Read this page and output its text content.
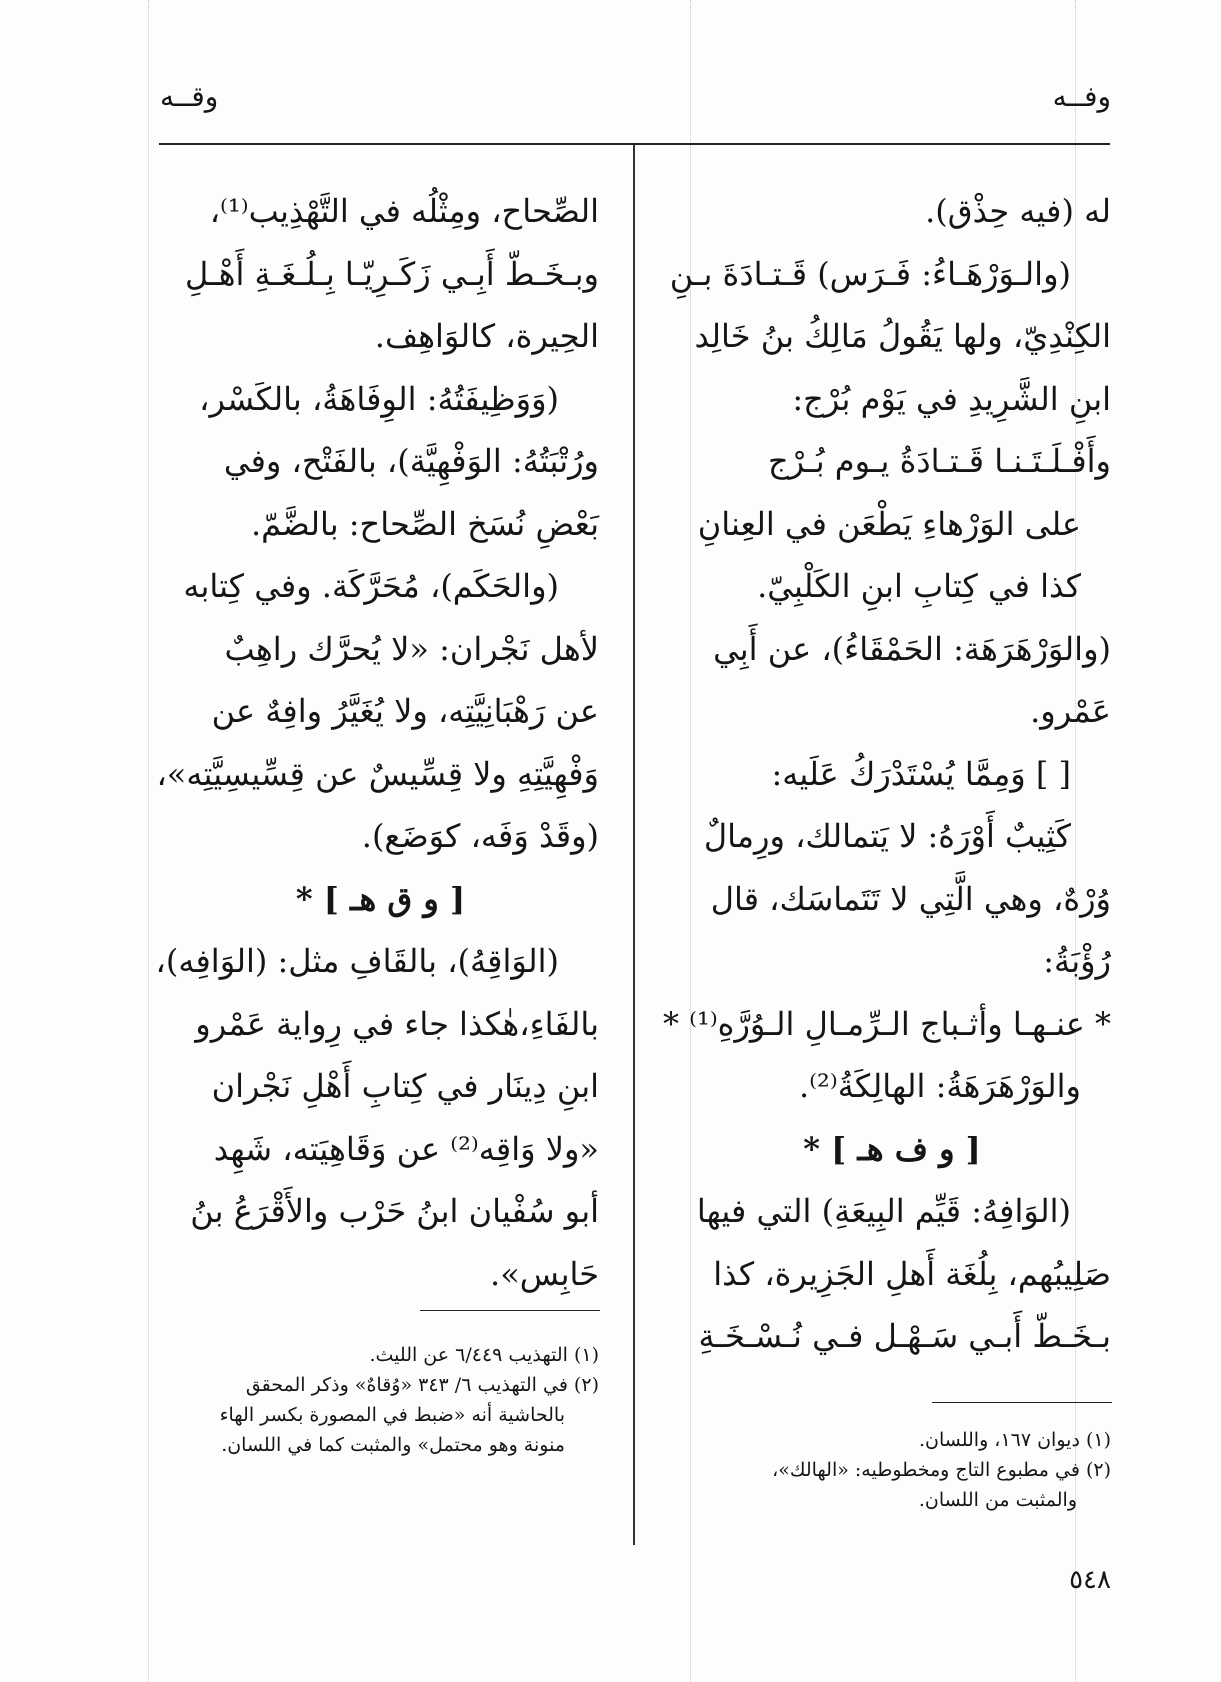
وفــه
وقــه
له (فيه حِذْق).
(والـوَرْهَـاءُ: فَـرَس) قَـتـادَةَ بـنِ
الكِنْدِيّ، ولها يَقُولُ مَالِكُ بنُ خَالِد
ابنِ الشَّرِيدِ في يَوْم بُرْج:
وأَفْـلَـتَـنـا قَـتـادَةُ يـوم بُـرْج
على الوَرْهاءِ يَطْعَن في العِنانِ
كذا في كِتابِ ابنِ الكَلْبِيّ.
(والوَرْهَرَهَة: الحَمْقَاءُ)، عن أَبِي
عَمْرو.
[ ] وَمِمَّا يُسْتَدْرَكُ عَلَيه:
كَثِيبٌ أَوْرَهُ: لا يَتمالك، ورِمالٌ
وُرْهٌ، وهي الَّتِي لا تَتَماسَك، قال
رُؤْبَةُ:
* عنـهـا وأثـباج الـرِّمـالِ الـوُرَّهِ⁽¹⁾ *
والوَرْهَرَهَةُ: الهالِكَةُ⁽²⁾.
[ و ف هـ ] *
(الوَافِهُ: قَيِّم البِيعَةِ) التي فيها
صَلِيبُهم، بِلُغَة أَهلِ الجَزِيرة، كذا
بـخَـطّ أَبـي سَـهْـل فـي نُـسْـخَـةِ
الصِّحاح، ومِثْلُه في التَّهْذِيب⁽¹⁾،
وبـخَـطّ أَبِـي زَكَـرِيّـا بِـلُـغَـةِ أَهْـلِ
الحِيرة، كالوَاهِف.
(وَوَظِيفَتُهُ: الوِفَاهَةُ، بالكَسْر،
ورُتْبَتُهُ: الوَفْهِيَّة)، بالفَتْح، وفي
بَعْضِ نُسَخ الصِّحاح: بالضَّمّ.
(والحَكَم)، مُحَرَّكَة. وفي كِتابه
لأهل نَجْران: «لا يُحرَّك راهِبٌ
عن رَهْبَانِيَّتِه، ولا يُغَيَّرُ وافِهٌ عن
وَفْهِيَّتِهِ ولا قِسِّيسٌ عن قِسِّيسِيَّتِه»،
(وقَدْ وَفَه، كوَضَع).
[ و ق هـ ] *
(الوَاقِهُ)، بالقَافِ مثل: (الوَافِه)،
بالفَاءِ،هٰكذا جاء في رِواية عَمْرو
ابنِ دِينَار في كِتابِ أَهْلِ نَجْران
«ولا وَاقِه⁽²⁾ عن وَقَاهِيَته، شَهِد
أبو سُفْيان ابنُ حَرْب والأَقْرَعُ بنُ
حَابِس».
(١) التهذيب ٦/٤٤٩ عن الليث.
(٢) في التهذيب ٦/ ٣٤٣ «وُقاهٌ» وذكر المحقق
بالحاشية أنه «ضبط في المصورة بكسر الهاء
منونة وهو محتمل» والمثبت كما في اللسان.	(١) ديوان ١٦٧، واللسان.
(٢) في مطبوع التاج ومخطوطيه: «الهالك»،
والمثبت من اللسان.
٥٤٨
